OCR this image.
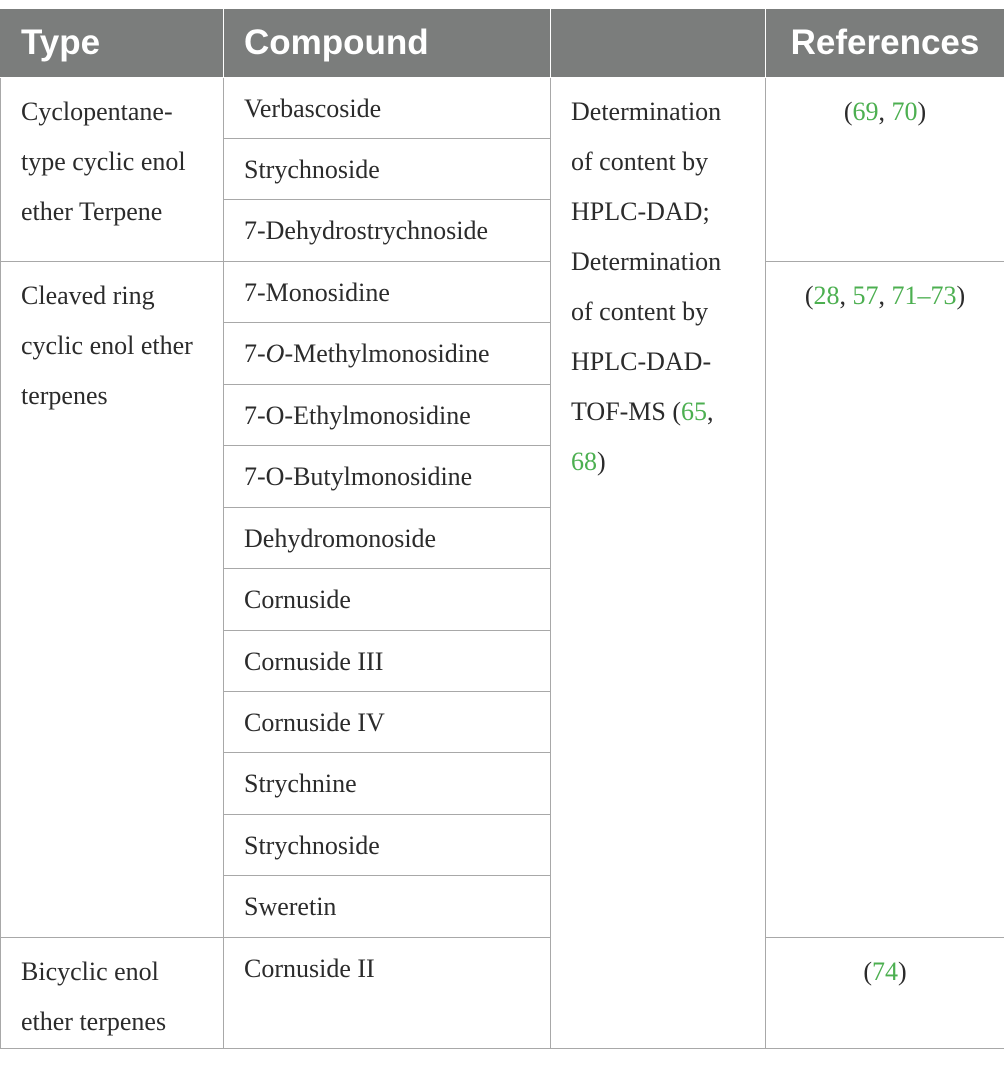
Type	Compound		References
Cyclopentane-type cyclic enol ether Terpene	Verbascoside	Determination of content by HPLC-DAD; Determination of content by HPLC-DAD-TOF-MS (65, 68)	(69, 70)
	Strychnoside		
	7-Dehydrostrychnoside		
Cleaved ring cyclic enol ether terpenes	7-Monosidine		(28, 57, 71–73)
	7-O-Methylmonosidine		
	7-O-Ethylmonosidine		
	7-O-Butylmonosidine		
	Dehydromonoside		
	Cornuside		
	Cornuside III		
	Cornuside IV		
	Strychnine		
	Strychnoside		
	Sweretin		
Bicyclic enol ether terpenes	Cornuside II		(74)
